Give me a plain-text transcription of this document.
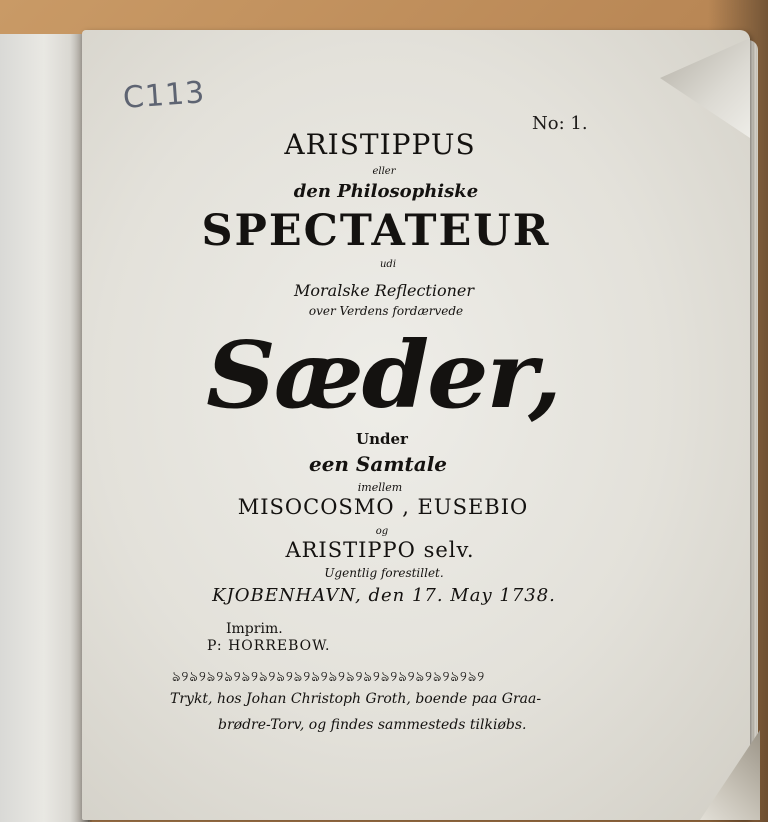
C113
No: 1.
ARISTIPPUS
eller
den Philosophiske
SPECTATEUR
udi
Moralske Reflectioner
over Verdens fordærvede
Sæder,
Under
een Samtale
imellem
MISOCOSMO , EUSEBIO
og
ARISTIPPO selv.
Ugentlig forestillet.
KJOBENHAVN, den 17. May 1738.
Imprim.
P: HORREBOW.
ঌ୨ঌ୨ঌ୨ঌ୨ঌ୨ঌ୨ঌ୨ঌ୨ঌ୨ঌ୨ঌ୨ঌ୨ঌ୨ঌ୨ঌ୨ঌ୨ঌ୨ঌ୨
Trykt, hos Johan Christoph Groth, boende paa Graa-
brødre-Torv, og findes sammesteds tilkiøbs.
